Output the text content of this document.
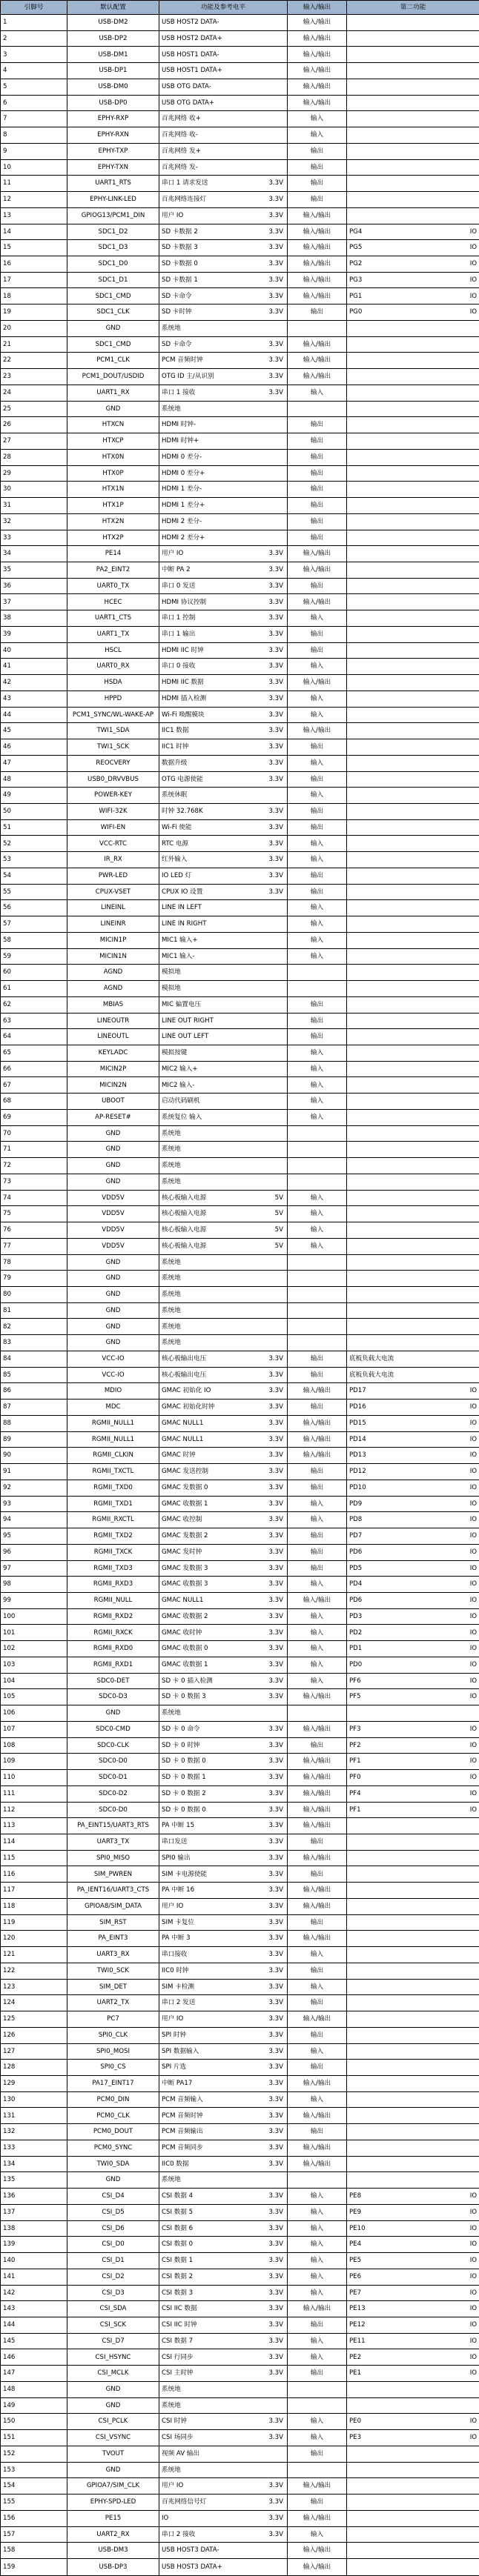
引脚号	默认配置	功能及参考电平	输入/输出	第二功能
1	USB-DM2	USB HOST2 DATA-	输入/输出	

2	USB-DP2	USB HOST2 DATA+	输入/输出	

3	USB-DM1	USB HOST1 DATA-	输入/输出	

4	USB-DP1	USB HOST1 DATA+	输入/输出	

5	USB-DM0	USB OTG DATA-	输入/输出	

6	USB-DP0	USB OTG DATA+	输入/输出	

7	EPHY-RXP	百兆网络 收+	输入	

8	EPHY-RXN	百兆网络 收-	输入	

9	EPHY-TXP	百兆网络 发+	输出	

10	EPHY-TXN	百兆网络 发-	输出	

11	UART1_RTS	串口 1 请求发送 3.3V	输出	

12	EPHY-LINK-LED	百兆网络连接灯 3.3V	输出	

13	GPIOG13/PCM1_DIN	用户 IO 3.3V	输入/输出	

14	SDC1_D2	SD 卡数据 2 3.3V	输入/输出	PG4 IO

15	SDC1_D3	SD 卡数据 3 3.3V	输入/输出	PG5 IO

16	SDC1_D0	SD 卡数据 0 3.3V	输入/输出	PG2 IO

17	SDC1_D1	SD 卡数据 1 3.3V	输入/输出	PG3 IO

18	SDC1_CMD	SD 卡命令 3.3V	输入/输出	PG1 IO

19	SDC1_CLK	SD 卡时钟 3.3V	输出	PG0 IO

20	GND	系统地		

21	SDC1_CMD	SD 卡命令 3.3V	输入/输出	

22	PCM1_CLK	PCM 音频时钟 3.3V	输入/输出	

23	PCM1_DOUT/USDID	OTG ID 主/从识别 3.3V	输入/输出	

24	UART1_RX	串口 1 接收 3.3V	输入	

25	GND	系统地		

26	HTXCN	HDMI 时钟-	输出	

27	HTXCP	HDMI 时钟+	输出	

28	HTX0N	HDMI 0 差分-	输出	

29	HTX0P	HDMI 0 差分+	输出	

30	HTX1N	HDMI 1 差分-	输出	

31	HTX1P	HDMI 1 差分+	输出	

32	HTX2N	HDMI 2 差分-	输出	

33	HTX2P	HDMI 2 差分+	输出	

34	PE14	用户 IO 3.3V	输入/输出	

35	PA2_EINT2	中断 PA 2 3.3V	输入/输出	

36	UART0_TX	串口 0 发送 3.3V	输出	

37	HCEC	HDMI 协议控制 3.3V	输入/输出	

38	UART1_CTS	串口 1 控制 3.3V	输入	

39	UART1_TX	串口 1 输出 3.3V	输出	

40	HSCL	HDMI IIC 时钟 3.3V	输出	

41	UART0_RX	串口 0 接收 3.3V	输入	

42	HSDA	HDMI IIC 数据 3.3V	输入/输出	

43	HPPD	HDMI 插入检测 3.3V	输入	

44	PCM1_SYNC/WL-WAKE-AP	Wi-Fi 唤醒模块 3.3V	输入	

45	TWI1_SDA	IIC1 数据 3.3V	输入/输出	

46	TWI1_SCK	IIC1 时钟 3.3V	输出	

47	REOCVERY	数据升级 3.3V	输入	

48	USB0_DRVVBUS	OTG 电源使能 3.3V	输出	

49	POWER-KEY	系统休眠	输入	

50	WIFI-32K	时钟 32.768K 3.3V	输出	

51	WIFI-EN	Wi-Fi 使能 3.3V	输出	

52	VCC-RTC	RTC 电源 3.3V	输入	

53	IR_RX	红外输入 3.3V	输入	

54	PWR-LED	IO LED 灯 3.3V	输出	

55	CPUX-VSET	CPUX IO 设置 3.3V	输出	

56	LINEINL	LINE IN LEFT	输入	

57	LINEINR	LINE IN RIGHT	输入	

58	MICIN1P	MIC1 输入+	输入	

59	MICIN1N	MIC1 输入-	输入	

60	AGND	模拟地		

61	AGND	模拟地		

62	MBIAS	MIC 偏置电压	输出	

63	LINEOUTR	LINE OUT RIGHT	输出	

64	LINEOUTL	LINE OUT LEFT	输出	

65	KEYLADC	模拟按键	输入	

66	MICIN2P	MIC2 输入+	输入	

67	MICIN2N	MIC2 输入-	输入	

68	UBOOT	启动代码刷机	输入	

69	AP-RESET#	系统复位 输入	输入	

70	GND	系统地		

71	GND	系统地		

72	GND	系统地		

73	GND	系统地		

74	VDD5V	核心板输入电源 5V	输入	

75	VDD5V	核心板输入电源 5V	输入	

76	VDD5V	核心板输入电源 5V	输入	

77	VDD5V	核心板输入电源 5V	输入	

78	GND	系统地		

79	GND	系统地		

80	GND	系统地		

81	GND	系统地		

82	GND	系统地		

83	GND	系统地		

84	VCC-IO	核心板输出电压 3.3V	输出	底板负载大电流

85	VCC-IO	核心板输出电压 3.3V	输出	底板负载大电流

86	MDIO	GMAC 初始化 IO 3.3V	输入/输出	PD17 IO

87	MDC	GMAC 初始化时钟 3.3V	输出	PD16 IO

88	RGMII_NULL1	GMAC NULL1 3.3V	输入/输出	PD15 IO

89	RGMII_NULL1	GMAC NULL1 3.3V	输入/输出	PD14 IO

90	RGMII_CLKIN	GMAC 时钟 3.3V	输入/输出	PD13 IO

91	RGMII_TXCTL	GMAC 发送控制 3.3V	输出	PD12 IO

92	RGMII_TXD0	GMAC 发数据 0 3.3V	输出	PD10 IO

93	RGMII_TXD1	GMAC 收数据 1 3.3V	输入	PD9 IO

94	RGMII_RXCTL	GMAC 收控制 3.3V	输入	PD8 IO

95	RGMII_TXD2	GMAC 发数据 2 3.3V	输出	PD7 IO

96	RGMII_TXCK	GMAC 发时钟 3.3V	输出	PD6 IO

97	RGMII_TXD3	GMAC 发数据 3 3.3V	输出	PD5 IO

98	RGMII_RXD3	GMAC 收数据 3 3.3V	输入	PD4 IO

99	RGMII_NULL	GMAC NULL1 3.3V	输入/输出	PD6 IO

100	RGMII_RXD2	GMAC 收数据 2 3.3V	输入	PD3 IO

101	RGMII_RXCK	GMAC 收时钟 3.3V	输入	PD2 IO

102	RGMII_RXD0	GMAC 收数据 0 3.3V	输入	PD1 IO

103	RGMII_RXD1	GMAC 收数据 1 3.3V	输入	PD0 IO

104	SDC0-DET	SD 卡 0 插入检测 3.3V	输入	PF6 IO

105	SDC0-D3	SD 卡 0 数据 3 3.3V	输入/输出	PF5 IO

106	GND	系统地		

107	SDC0-CMD	SD 卡 0 命令 3.3V	输入/输出	PF3 IO

108	SDC0-CLK	SD 卡 0 时钟 3.3V	输出	PF2 IO

109	SDC0-D0	SD 卡 0 数据 0 3.3V	输入/输出	PF1 IO

110	SDC0-D1	SD 卡 0 数据 1 3.3V	输入/输出	PF0 IO

111	SDC0-D2	SD 卡 0 数据 2 3.3V	输入/输出	PF4 IO

112	SDC0-D0	SD 卡 0 数据 0 3.3V	输入/输出	PF1 IO

113	PA_EINT15/UART3_RTS	PA 中断 15 3.3V	输入/输出	

114	UART3_TX	串口发送 3.3V	输出	

115	SPI0_MISO	SPI0 输出 3.3V	输入/输出	

116	SIM_PWREN	SIM 卡电源使能 3.3V	输出	

117	PA_IENT16/UART3_CTS	PA 中断 16 3.3V	输入/输出	

118	GPIOA8/SIM_DATA	用户 IO 3.3V	输入/输出	

119	SIM_RST	SIM 卡复位 3.3V	输出	

120	PA_EINT3	PA 中断 3 3.3V	输入/输出	

121	UART3_RX	串口接收 3.3V	输入	

122	TWI0_SCK	IIC0 时钟 3.3V	输出	

123	SIM_DET	SIM 卡检测 3.3V	输入	

124	UART2_TX	串口 2 发送 3.3V	输出	

125	PC7	用户 IO 3.3V	输入/输出	

126	SPI0_CLK	SPI 时钟 3.3V	输出	

127	SPI0_MOSI	SPI 数据输入 3.3V	输入	

128	SPI0_CS	SPI 片选 3.3V	输出	

129	PA17_EINT17	中断 PA17 3.3V	输入/输出	

130	PCM0_DIN	PCM 音频输入 3.3V	输入	

131	PCM0_CLK	PCM 音频时钟 3.3V	输入/输出	

132	PCM0_DOUT	PCM 音频输出 3.3V	输出	

133	PCM0_SYNC	PCM 音频同步 3.3V	输入/输出	

134	TWI0_SDA	IIC0 数据 3.3V	输入/输出	

135	GND	系统地		

136	CSI_D4	CSI 数据 4 3.3V	输入	PE8 IO

137	CSI_D5	CSI 数据 5 3.3V	输入	PE9 IO

138	CSI_D6	CSI 数据 6 3.3V	输入	PE10 IO

139	CSI_D0	CSI 数据 0 3.3V	输入	PE4 IO

140	CSI_D1	CSI 数据 1 3.3V	输入	PE5 IO

141	CSI_D2	CSI 数据 2 3.3V	输入	PE6 IO

142	CSI_D3	CSI 数据 3 3.3V	输入	PE7 IO

143	CSI_SDA	CSI IIC 数据 3.3V	输入/输出	PE13 IO

144	CSI_SCK	CSI IIC 时钟 3.3V	输出	PE12 IO

145	CSI_D7	CSI 数据 7 3.3V	输入	PE11 IO

146	CSI_HSYNC	CSI 行同步 3.3V	输入	PE2 IO

147	CSI_MCLK	CSI 主时钟 3.3V	输出	PE1 IO

148	GND	系统地		

149	GND	系统地		

150	CSI_PCLK	CSI 时钟 3.3V	输入	PE0 IO

151	CSI_VSYNC	CSI 场同步 3.3V	输入	PE3 IO

152	TVOUT	视频 AV 输出	输出	

153	GND	系统地		

154	GPIOA7/SIM_CLK	用户 IO 3.3V	输入/输出	

155	EPHY-SPD-LED	百兆网络信号灯 3.3V	输出	

156	PE15	IO 3.3V	输入/输出	

157	UART2_RX	串口 2 接收 3.3V	输入	

158	USB-DM3	USB HOST3 DATA-	输入/输出	

159	USB-DP3	USB HOST3 DATA+	输入/输出	
